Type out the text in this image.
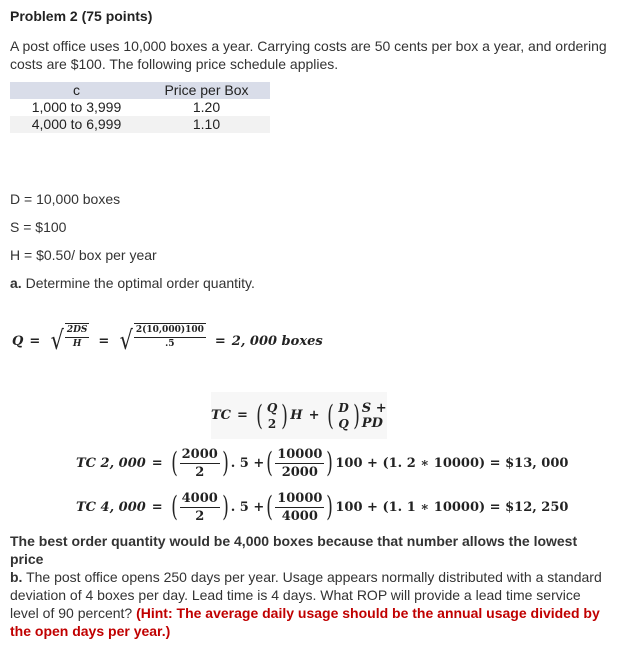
Problem 2 (75 points)
A post office uses 10,000 boxes a year. Carrying costs are 50 cents per box a year, and ordering costs are $100. The following price schedule applies.
c	Price per Box
1,000 to 3,999	1.20
4,000 to 6,999	1.10
D = 10,000 boxes
S = $100
H = $0.50/ box per year
a. Determine the optimal order quantity.
Q = √ $\frac{2DS}{H}$ = √ $\frac{2(10,000)100}{.5} = 2$, 000 boxes
TC = ( Q
2 ) H + ( D
Q ) S + PD
TC 2, 000 = ( $\frac{2000}{2}$ ) . 5 + ( $\frac{10000}{2000}$ ) 100 + (1. 2 ∗ 10000) = $13, 000
TC 4, 000 = ( $\frac{4000}{2}$ ) . 5 + ( $\frac{10000}{4000}$ ) 100 + (1. 1 ∗ 10000) = $12, 250
The best order quantity would be 4,000 boxes because that number allows the lowest price
b. The post office opens 250 days per year. Usage appears normally distributed with a standard deviation of 4 boxes per day. Lead time is 4 days. What ROP will provide a lead time service level of 90 percent? (Hint: The average daily usage should be the annual usage divided by the open days per year.)
